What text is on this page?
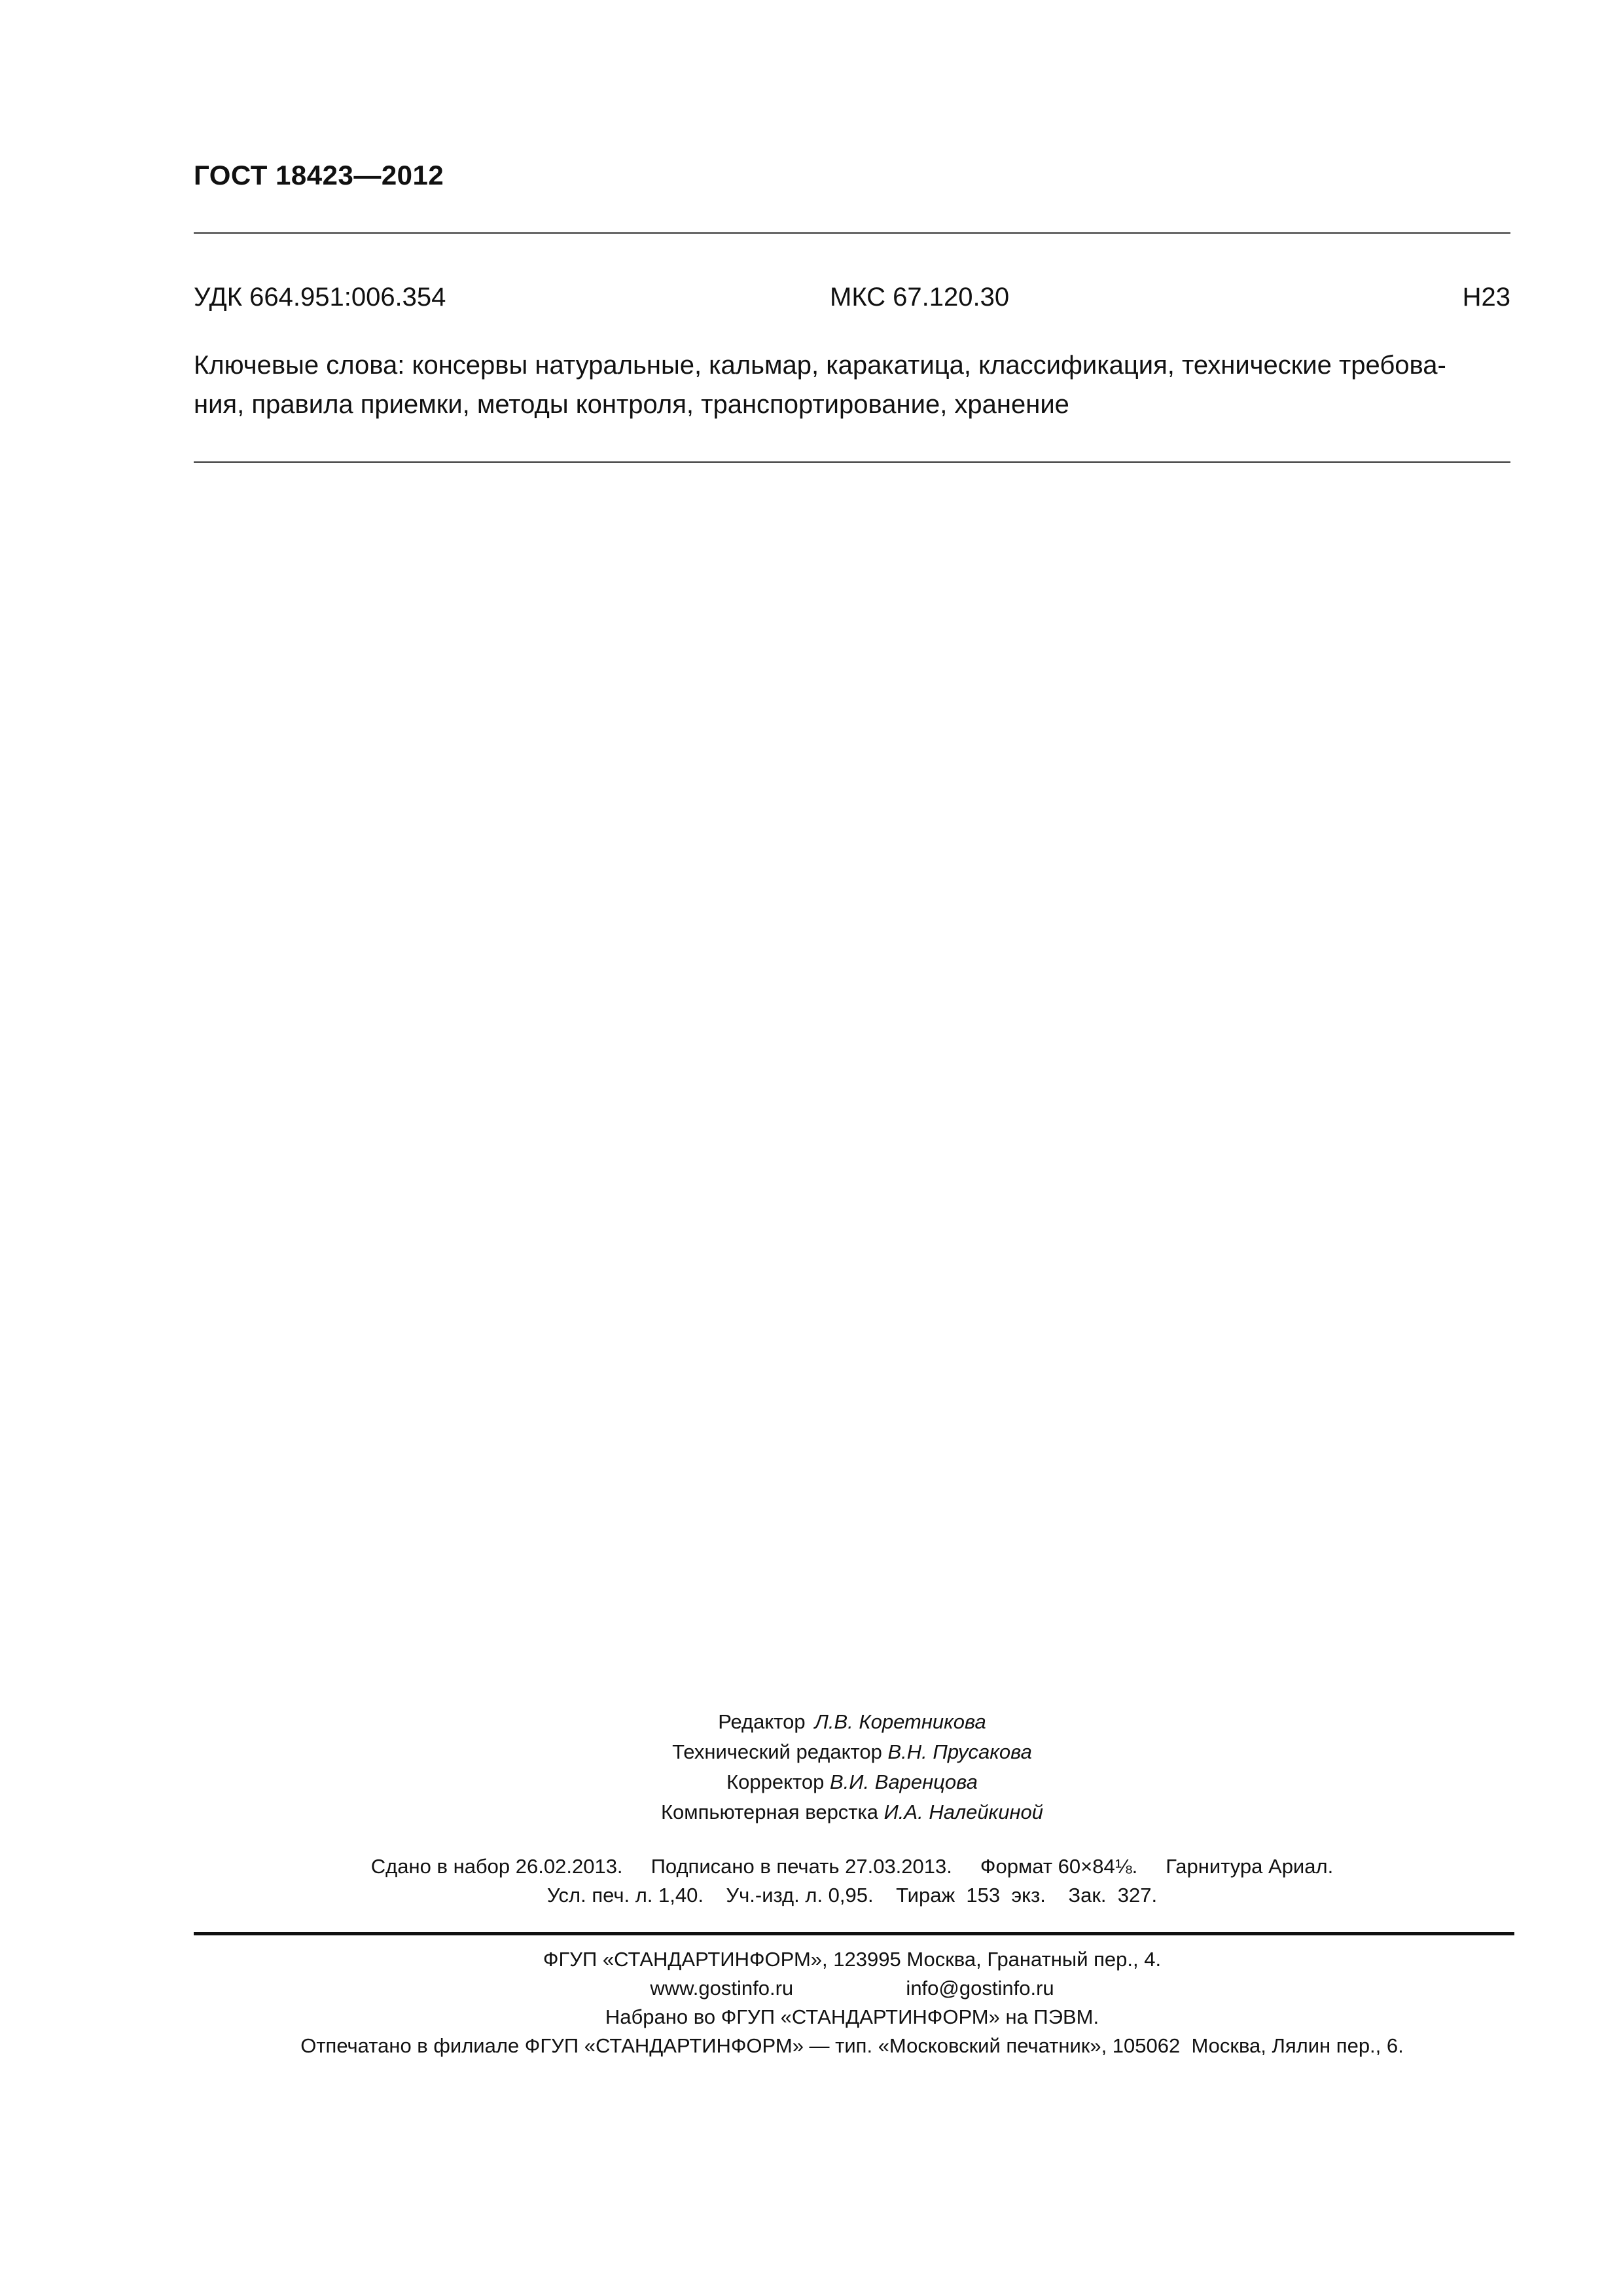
ГОСТ 18423—2012
УДК 664.951:006.354	МКС 67.120.30	Н23
Ключевые слова: консервы натуральные, кальмар, каракатица, классификация, технические требова-
ния, правила приемки, методы контроля, транспортирование, хранение
Редактор Л.В. Коретникова
Технический редактор В.Н. Прусакова
Корректор В.И. Варенцова
Компьютерная верстка И.А. Налейкиной
Сдано в набор 26.02.2013.     Подписано в печать 27.03.2013.     Формат 60×84⅛.     Гарнитура Ариал.
Усл. печ. л. 1,40.    Уч.-изд. л. 0,95.    Тираж  153  экз.    Зак.  327.
ФГУП «СТАНДАРТИНФОРМ», 123995 Москва, Гранатный пер., 4.
www.gostinfo.ru                    info@gostinfo.ru
Набрано во ФГУП «СТАНДАРТИНФОРМ» на ПЭВМ.
Отпечатано в филиале ФГУП «СТАНДАРТИНФОРМ» — тип. «Московский печатник», 105062  Москва, Лялин пер., 6.
